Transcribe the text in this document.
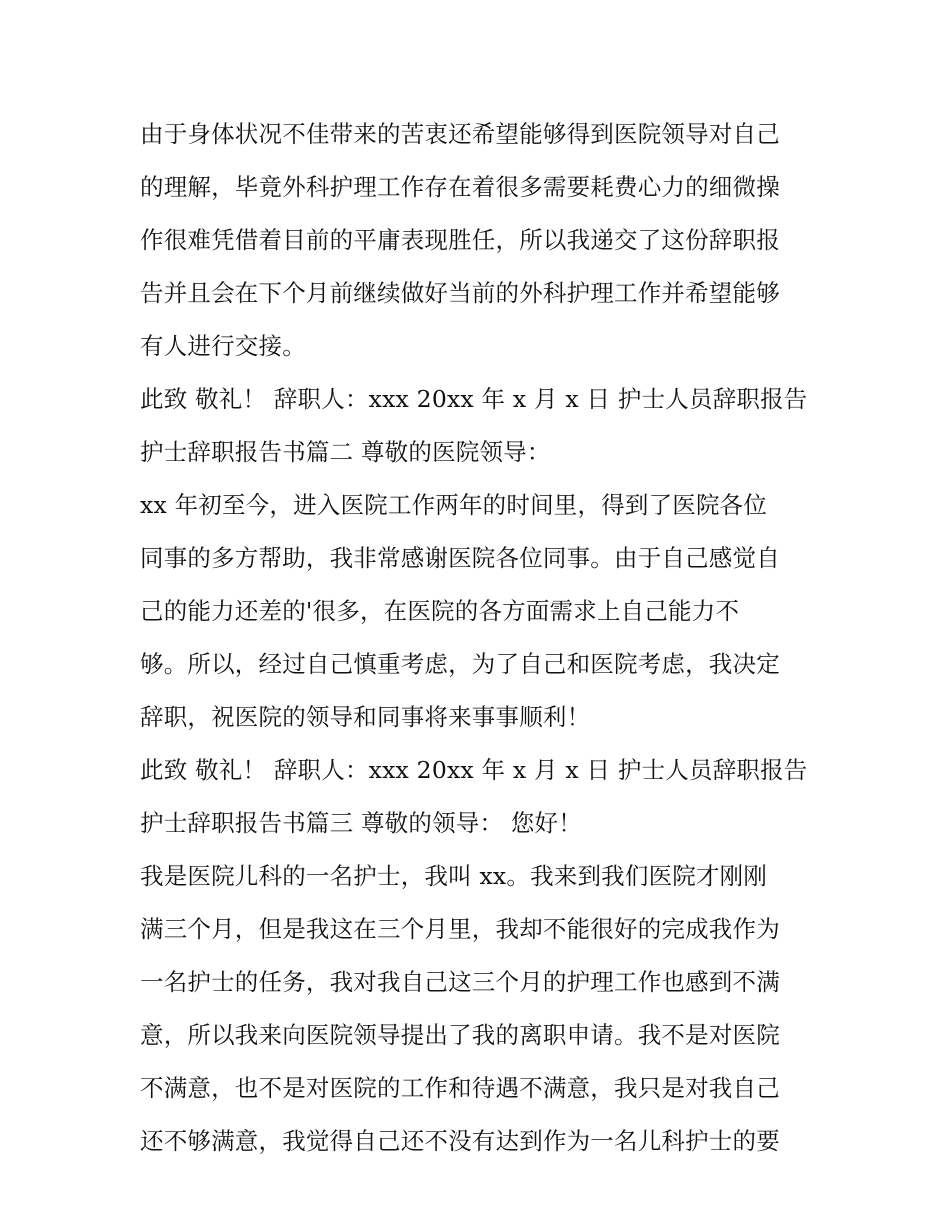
由于身体状况不佳带来的苦衷还希望能够得到医院领导对自己
的理解，毕竟外科护理工作存在着很多需要耗费心力的细微操
作很难凭借着目前的平庸表现胜任，所以我递交了这份辞职报
告并且会在下个月前继续做好当前的外科护理工作并希望能够
有人进行交接。
此致 敬礼！ 辞职人：xxx 20xx 年 x 月 x 日 护士人员辞职报告
护士辞职报告书篇二 尊敬的医院领导：
xx 年初至今，进入医院工作两年的时间里，得到了医院各位
同事的多方帮助，我非常感谢医院各位同事。由于自己感觉自
己的能力还差的'很多，在医院的各方面需求上自己能力不
够。所以，经过自己慎重考虑，为了自己和医院考虑，我决定
辞职，祝医院的领导和同事将来事事顺利！
此致 敬礼！ 辞职人：xxx 20xx 年 x 月 x 日 护士人员辞职报告
护士辞职报告书篇三 尊敬的领导： 您好！
我是医院儿科的一名护士，我叫 xx。我来到我们医院才刚刚
满三个月，但是我这在三个月里，我却不能很好的完成我作为
一名护士的任务，我对我自己这三个月的护理工作也感到不满
意，所以我来向医院领导提出了我的离职申请。我不是对医院
不满意，也不是对医院的工作和待遇不满意，我只是对我自己
还不够满意，我觉得自己还不没有达到作为一名儿科护士的要
